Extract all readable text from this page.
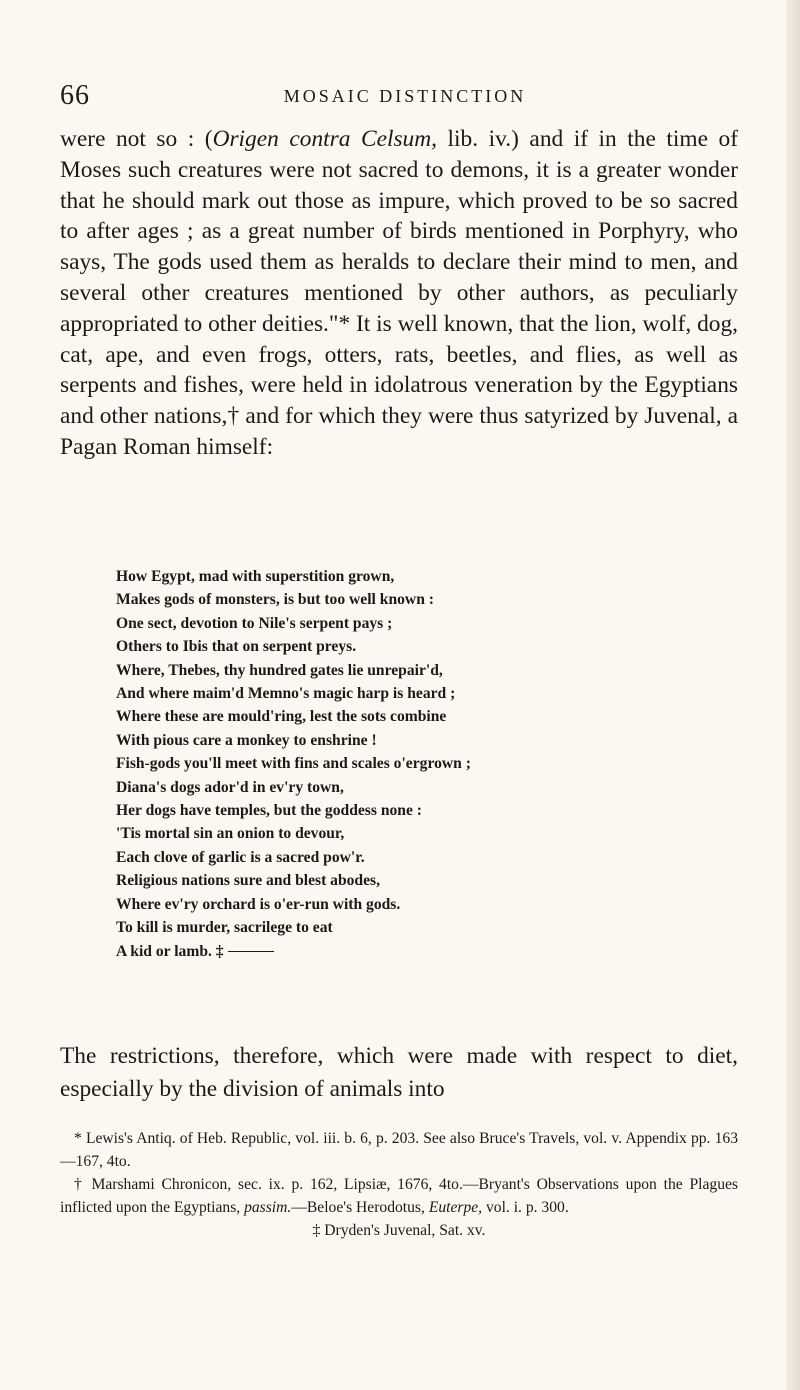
66	MOSAIC DISTINCTION

were not so : (Origen contra Celsum, lib. iv.) and if in the time of Moses such creatures were not sacred to demons, it is a greater wonder that he should mark out those as impure, which proved to be so sacred to after ages ; as a great number of birds mentioned in Porphyry, who says, The gods used them as heralds to declare their mind to men, and several other creatures mentioned by other authors, as peculiarly appropriated to other deities."* It is well known, that the lion, wolf, dog, cat, ape, and even frogs, otters, rats, beetles, and flies, as well as serpents and fishes, were held in idolatrous veneration by the Egyptians and other nations,† and for which they were thus satyrized by Juvenal, a Pagan Roman himself:

How Egypt, mad with superstition grown,
Makes gods of monsters, is but too well known :
One sect, devotion to Nile's serpent pays ;
Others to Ibis that on serpent preys.
Where, Thebes, thy hundred gates lie unrepair'd,
And where maim'd Memno's magic harp is heard ;
Where these are mould'ring, lest the sots combine
With pious care a monkey to enshrine !
Fish-gods you'll meet with fins and scales o'ergrown ;
Diana's dogs ador'd in ev'ry town,
Her dogs have temples, but the goddess none :
'Tis mortal sin an onion to devour,
Each clove of garlic is a sacred pow'r.
Religious nations sure and blest abodes,
Where ev'ry orchard is o'er-run with gods.
To kill is murder, sacrilege to eat
A kid or lamb. ‡

The restrictions, therefore, which were made with respect to diet, especially by the division of animals into

* Lewis's Antiq. of Heb. Republic, vol. iii. b. 6, p. 203. See also Bruce's Travels, vol. v. Appendix pp. 163—167, 4to.

† Marshami Chronicon, sec. ix. p. 162, Lipsiæ, 1676, 4to.—Bryant's Observations upon the Plagues inflicted upon the Egyptians, passim.—Beloe's Herodotus, Euterpe, vol. i. p. 300.

‡ Dryden's Juvenal, Sat. xv.
